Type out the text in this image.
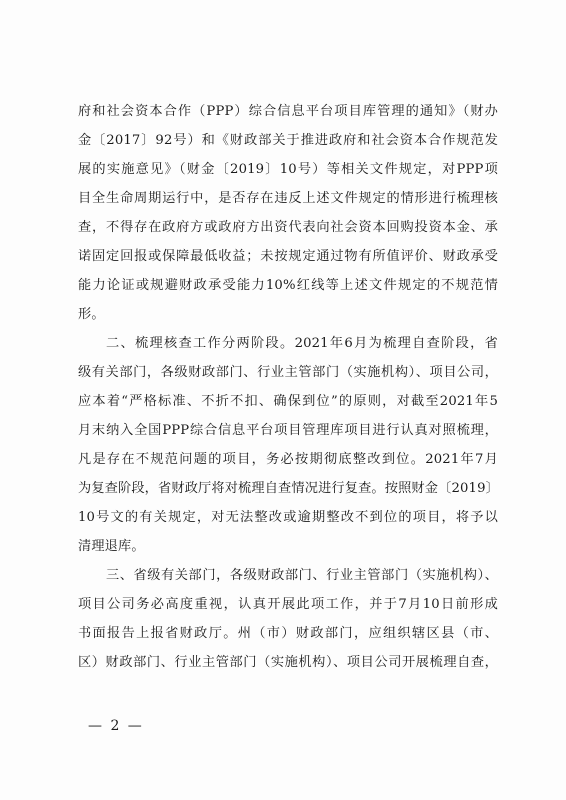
府和社会资本合作（PPP）综合信息平台项目库管理的通知》（财办
金〔2017〕92号）和《财政部关于推进政府和社会资本合作规范发
展的实施意见》（财金〔2019〕10号）等相关文件规定，对PPP项
目全生命周期运行中，是否存在违反上述文件规定的情形进行梳理核
查，不得存在政府方或政府方出资代表向社会资本回购投资本金、承
诺固定回报或保障最低收益；未按规定通过物有所值评价、财政承受
能力论证或规避财政承受能力10%红线等上述文件规定的不规范情
形。
二、梳理核查工作分两阶段。2021年6月为梳理自查阶段，省
级有关部门，各级财政部门、行业主管部门（实施机构）、项目公司，
应本着“严格标准、不折不扣、确保到位”的原则，对截至2021年5
月末纳入全国PPP综合信息平台项目管理库项目进行认真对照梳理，
凡是存在不规范问题的项目，务必按期彻底整改到位。2021年7月
为复查阶段，省财政厅将对梳理自查情况进行复查。按照财金〔2019〕
10号文的有关规定，对无法整改或逾期整改不到位的项目，将予以
清理退库。
三、省级有关部门，各级财政部门、行业主管部门（实施机构）、
项目公司务必高度重视，认真开展此项工作，并于7月10日前形成
书面报告上报省财政厅。州（市）财政部门，应组织辖区县（市、
区）财政部门、行业主管部门（实施机构）、项目公司开展梳理自查，
— 2 —
